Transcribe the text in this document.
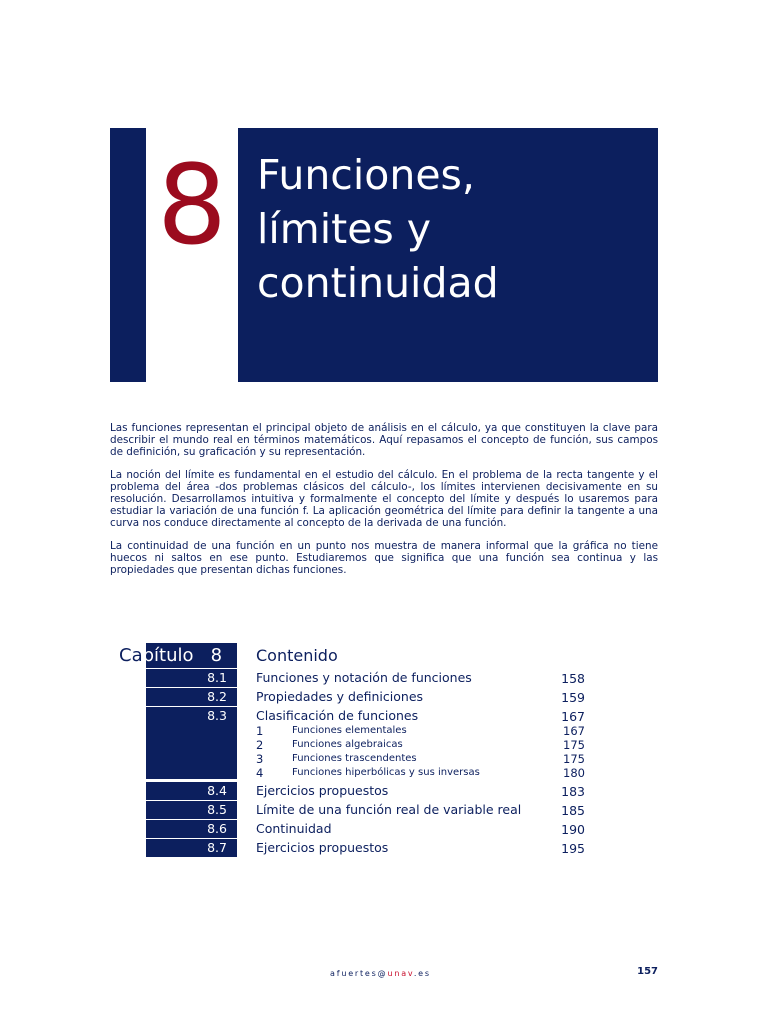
8 Funciones,
límites y
continuidad

Las funciones representan el principal objeto de análisis en el cálculo, ya que constituyen la clave para describir el mundo real en términos matemáticos. Aquí repasamos el concepto de función, sus campos de definición, su graficación y su representación.

La noción del límite es fundamental en el estudio del cálculo. En el problema de la recta tangente y el problema del área -dos problemas clásicos del cálculo-, los límites intervienen decisivamente en su resolución. Desarrollamos intuitiva y formalmente el concepto del límite y después lo usaremos para estudiar la variación de una función f. La aplicación geométrica del límite para definir la tangente a una curva nos conduce directamente al concepto de la derivada de una función.

La continuidad de una función en un punto nos muestra de manera informal que la gráfica no tiene huecos ni saltos en ese punto. Estudiaremos que significa que una función sea continua y las propiedades que presentan dichas funciones.

Capítulo   8 Contenido
8.1	Funciones y notación de funciones	158
8.2	Propiedades y definiciones	159
8.3	Clasificación de funciones	167
1	Funciones elementales	167
2	Funciones algebraicas	175
3	Funciones trascendentes	175
4	Funciones hiperbólicas y sus inversas	180
8.4	Ejercicios propuestos	183
8.5	Límite de una función real de variable real	185
8.6	Continuidad	190
8.7	Ejercicios propuestos	195
afuertes@unav.es	157
